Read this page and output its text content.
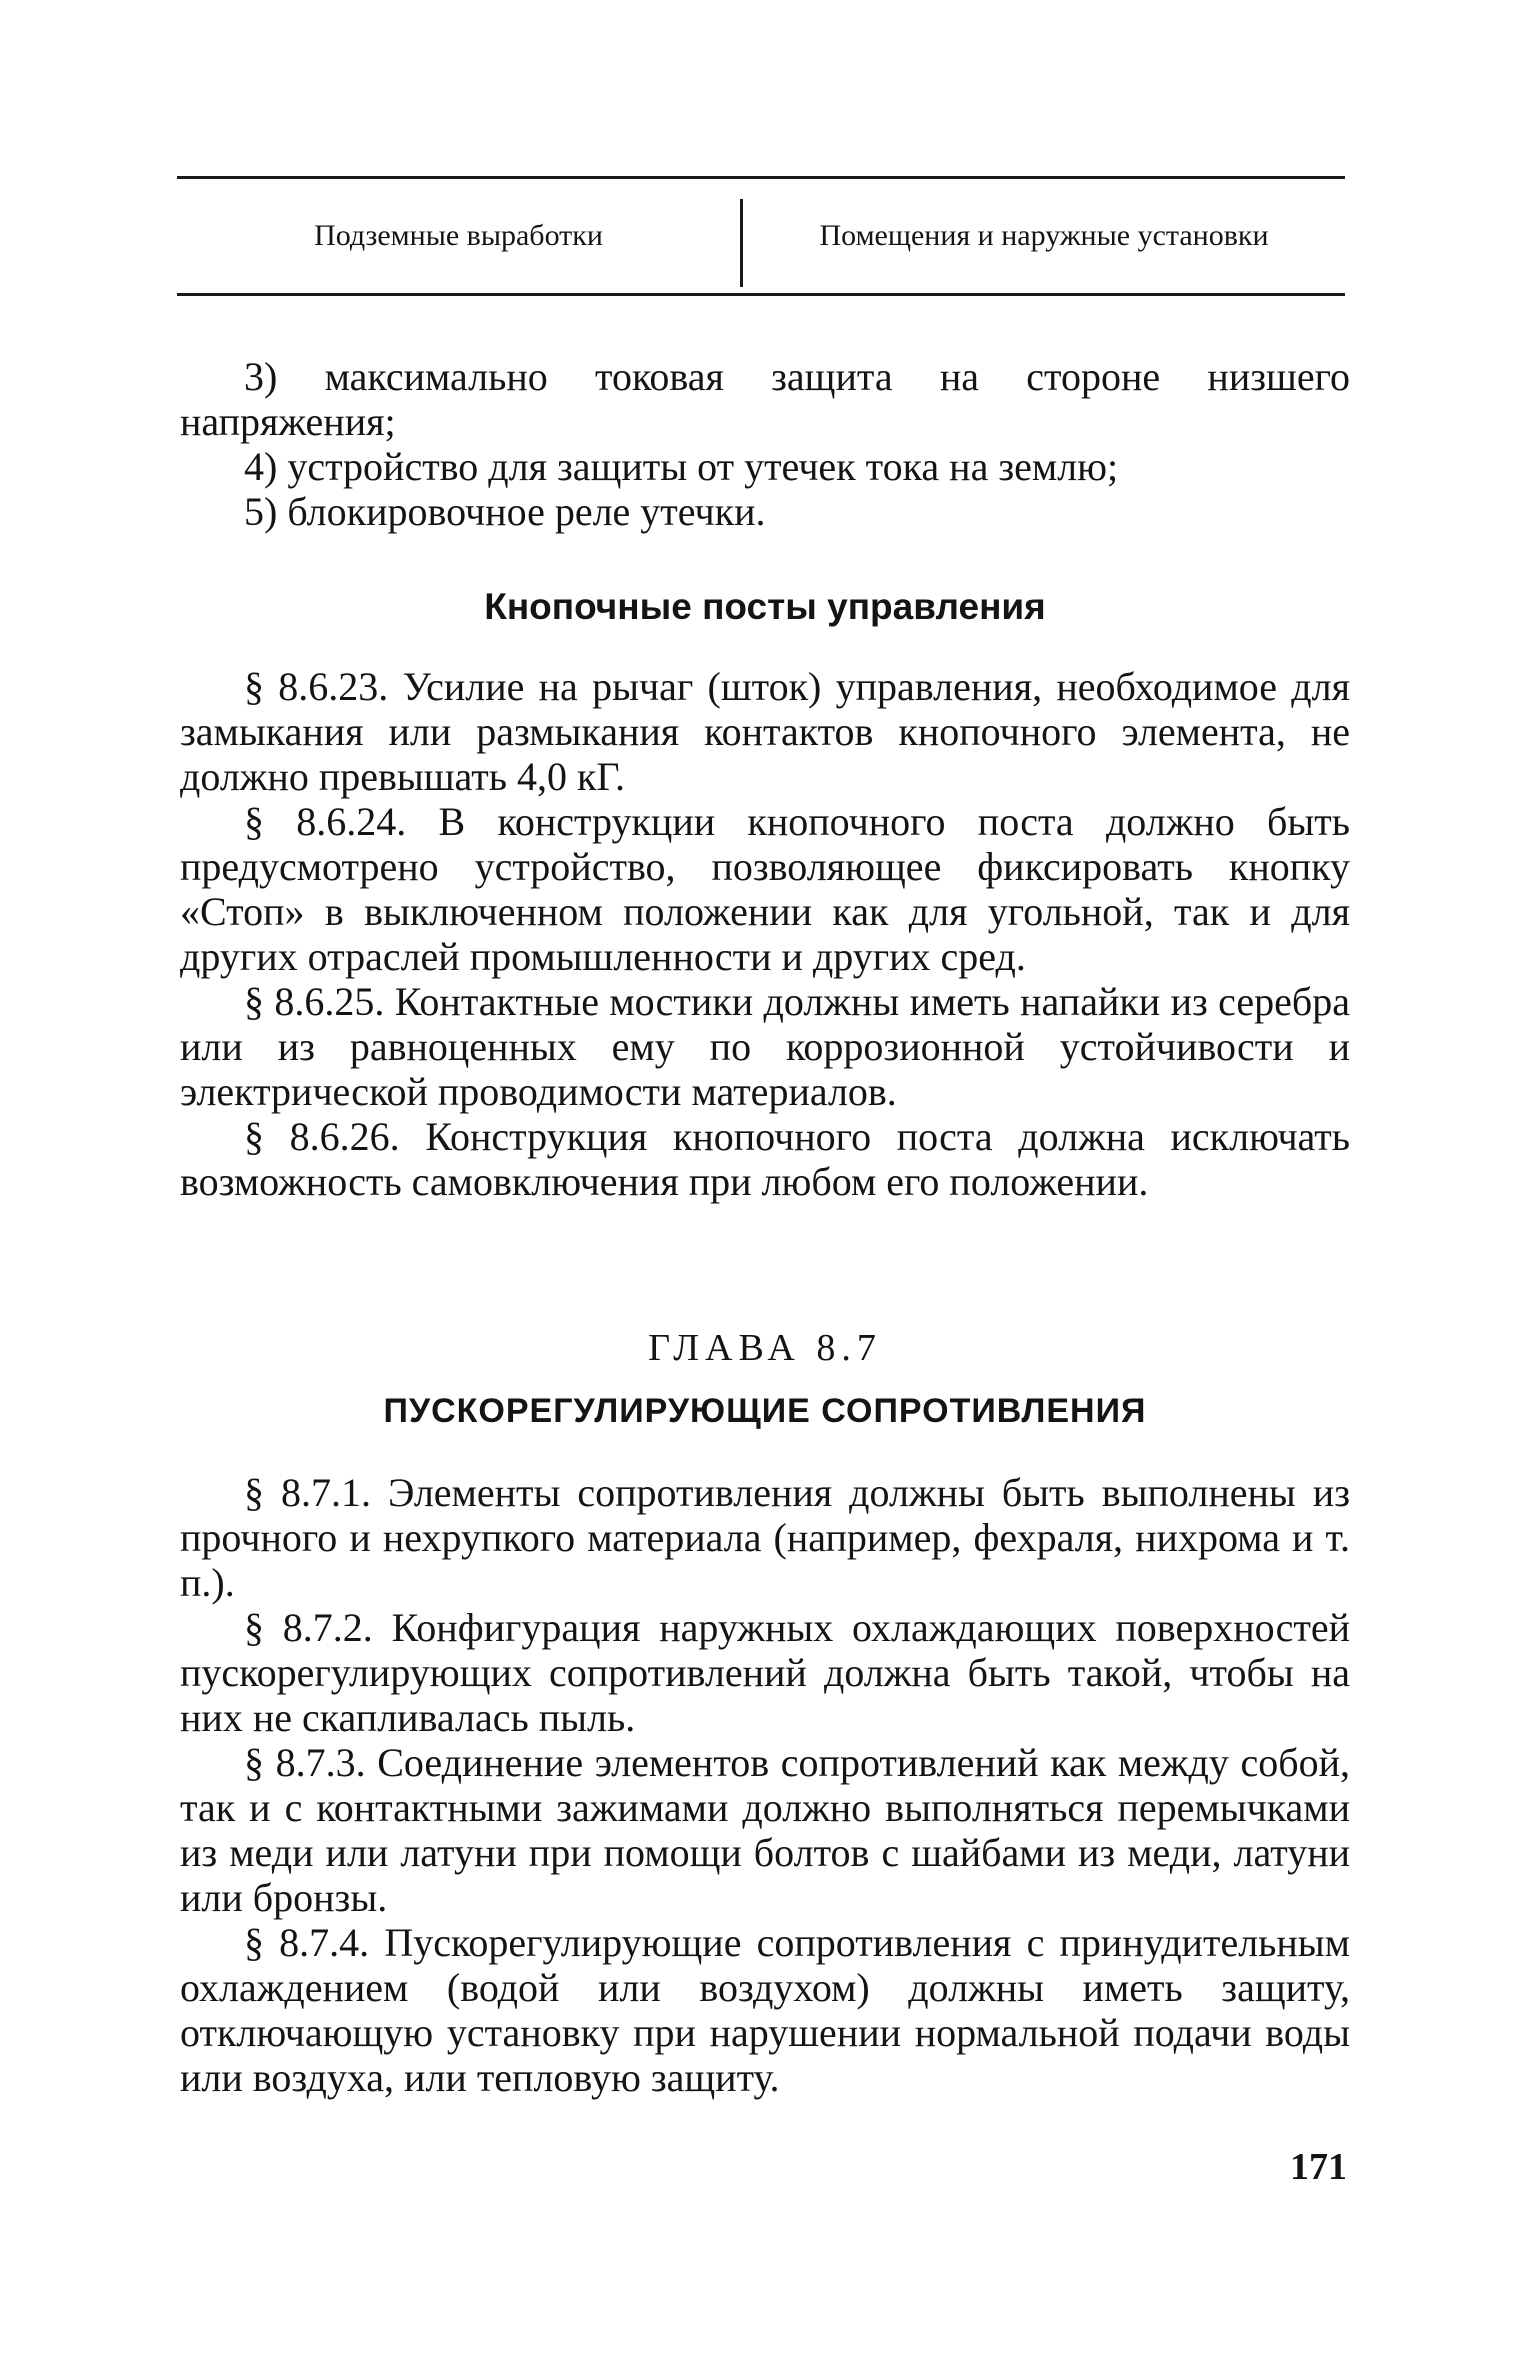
Подземные выработки	Помещения и наружные установки

3) максимально токовая защита на стороне низшего напряжения;

4) устройство для защиты от утечек тока на землю;

5) блокировочное реле утечки.

Кнопочные посты управления

§ 8.6.23. Усилие на рычаг (шток) управления, необходимое для замыкания или размыкания контактов кнопочного элемента, не должно превышать 4,0 кГ.

§ 8.6.24. В конструкции кнопочного поста должно быть предусмотрено устройство, позволяющее фиксировать кнопку «Стоп» в выключенном положении как для угольной, так и для других отраслей промышленности и других сред.

§ 8.6.25. Контактные мостики должны иметь напайки из серебра или из равноценных ему по коррозионной устойчивости и электрической проводимости материалов.

§ 8.6.26. Конструкция кнопочного поста должна исключать возможность самовключения при любом его положении.

ГЛАВА 8.7
ПУСКОРЕГУЛИРУЮЩИЕ СОПРОТИВЛЕНИЯ

§ 8.7.1. Элементы сопротивления должны быть выполнены из прочного и нехрупкого материала (например, фехраля, нихрома и т. п.).

§ 8.7.2. Конфигурация наружных охлаждающих поверхностей пускорегулирующих сопротивлений должна быть такой, чтобы на них не скапливалась пыль.

§ 8.7.3. Соединение элементов сопротивлений как между собой, так и с контактными зажимами должно выполняться перемычками из меди или латуни при помощи болтов с шайбами из меди, латуни или бронзы.

§ 8.7.4. Пускорегулирующие сопротивления с принудительным охлаждением (водой или воздухом) должны иметь защиту, отключающую установку при нарушении нормальной подачи воды или воздуха, или тепловую защиту.

171
